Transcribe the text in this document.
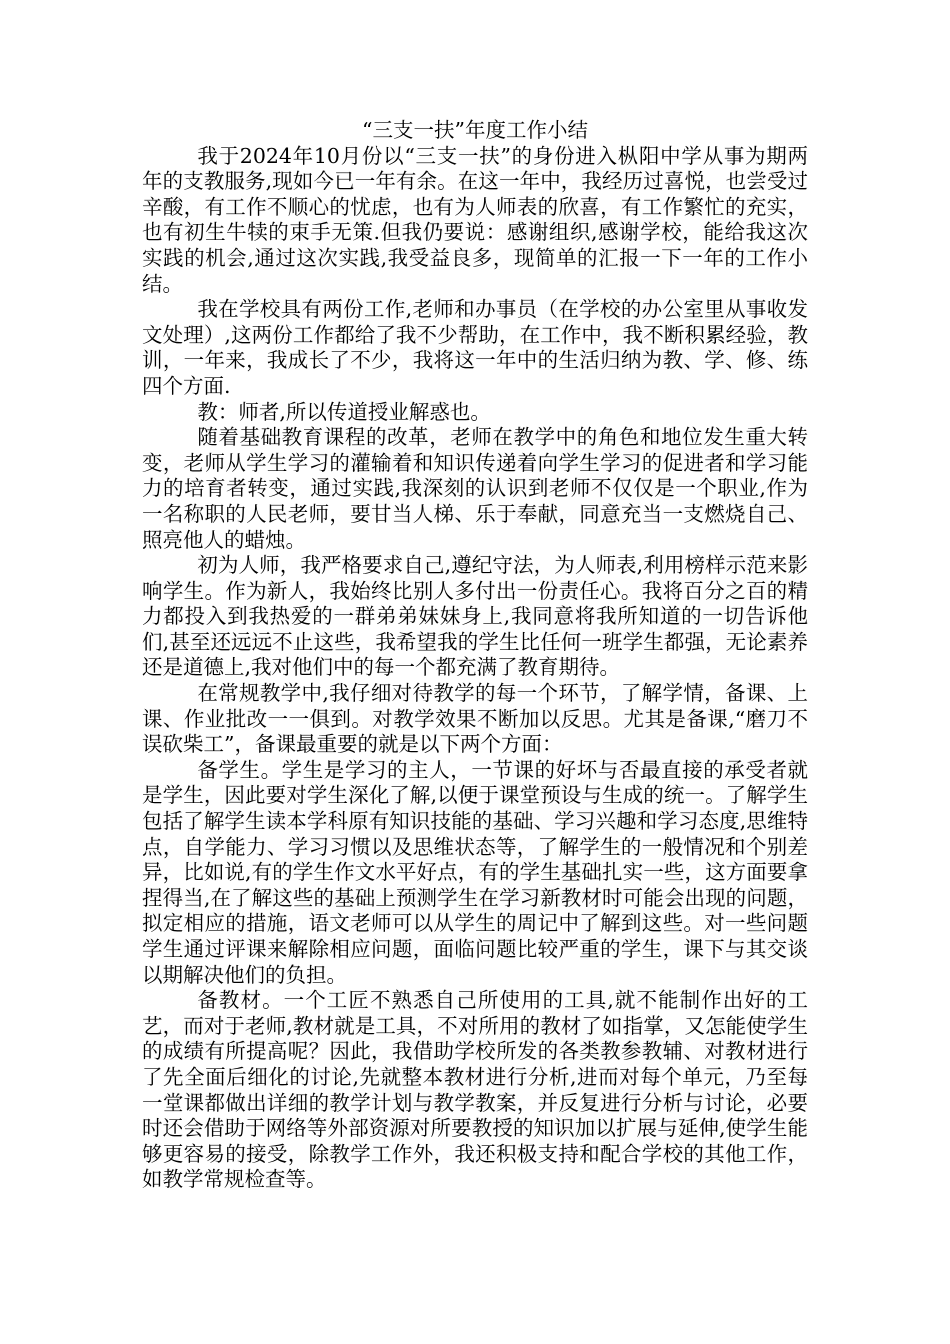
“三支一扶”年度工作小结

我于2024年10月份以“三支一扶”的身份进入枞阳中学从事为期两年的支教服务,现如今已一年有余。在这一年中，我经历过喜悦，也尝受过辛酸，有工作不顺心的忧虑，也有为人师表的欣喜，有工作繁忙的充实，也有初生牛犊的束手无策.但我仍要说：感谢组织,感谢学校，能给我这次实践的机会,通过这次实践,我受益良多，现简单的汇报一下一年的工作小结。

我在学校具有两份工作,老师和办事员（在学校的办公室里从事收发文处理）,这两份工作都给了我不少帮助，在工作中，我不断积累经验，教训，一年来，我成长了不少，我将这一年中的生活归纳为教、学、修、练四个方面.

教：师者,所以传道授业解惑也。

随着基础教育课程的改革，老师在教学中的角色和地位发生重大转变，老师从学生学习的灌输着和知识传递着向学生学习的促进者和学习能力的培育者转变，通过实践,我深刻的认识到老师不仅仅是一个职业,作为一名称职的人民老师，要甘当人梯、乐于奉献，同意充当一支燃烧自己、照亮他人的蜡烛。

初为人师，我严格要求自己,遵纪守法，为人师表,利用榜样示范来影响学生。作为新人，我始终比别人多付出一份责任心。我将百分之百的精力都投入到我热爱的一群弟弟妹妹身上,我同意将我所知道的一切告诉他们,甚至还远远不止这些，我希望我的学生比任何一班学生都强，无论素养还是道德上,我对他们中的每一个都充满了教育期待。

在常规教学中,我仔细对待教学的每一个环节，了解学情，备课、上课、作业批改一一俱到。对教学效果不断加以反思。尤其是备课,“磨刀不误砍柴工”，备课最重要的就是以下两个方面：

备学生。学生是学习的主人，一节课的好坏与否最直接的承受者就是学生，因此要对学生深化了解,以便于课堂预设与生成的统一。了解学生包括了解学生读本学科原有知识技能的基础、学习兴趣和学习态度,思维特点，自学能力、学习习惯以及思维状态等，了解学生的一般情况和个别差异，比如说,有的学生作文水平好点，有的学生基础扎实一些，这方面要拿捏得当,在了解这些的基础上预测学生在学习新教材时可能会出现的问题，拟定相应的措施，语文老师可以从学生的周记中了解到这些。对一些问题学生通过评课来解除相应问题，面临问题比较严重的学生，课下与其交谈以期解决他们的负担。

备教材。一个工匠不熟悉自己所使用的工具,就不能制作出好的工艺，而对于老师,教材就是工具，不对所用的教材了如指掌，又怎能使学生的成绩有所提高呢？因此，我借助学校所发的各类教参教辅、对教材进行了先全面后细化的讨论,先就整本教材进行分析,进而对每个单元，乃至每一堂课都做出详细的教学计划与教学教案，并反复进行分析与讨论，必要时还会借助于网络等外部资源对所要教授的知识加以扩展与延伸,使学生能够更容易的接受，除教学工作外，我还积极支持和配合学校的其他工作，如教学常规检查等。
